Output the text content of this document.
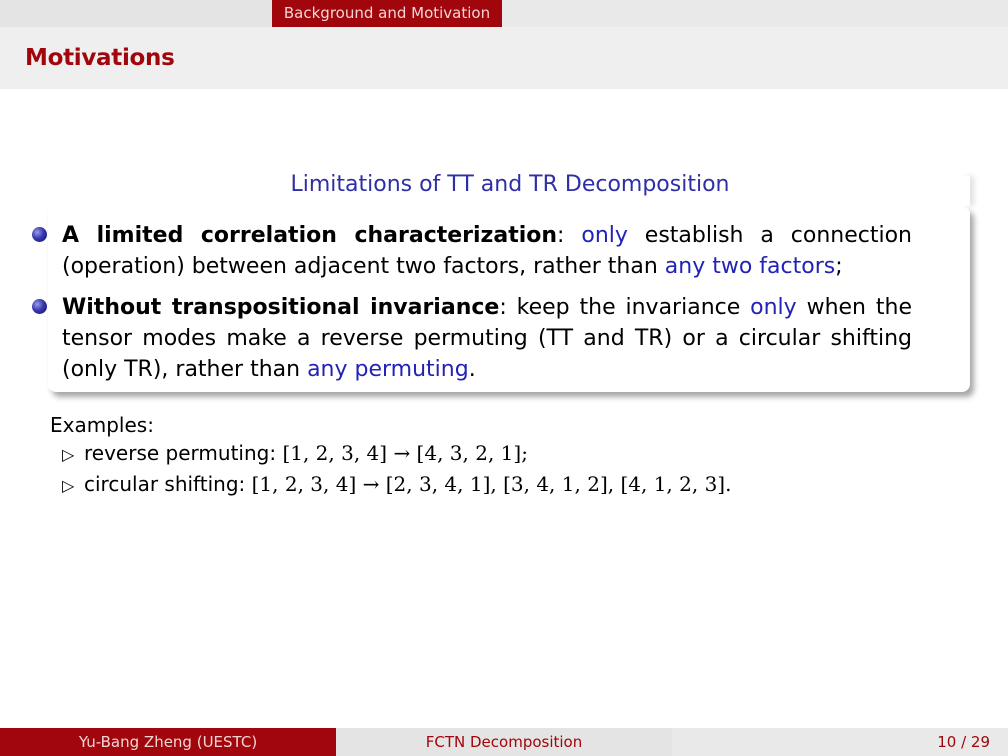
Background and Motivation
Motivations
Limitations of TT and TR Decomposition
A limited correlation characterization: only establish a connection (operation) between adjacent two factors, rather than any two factors;
Without transpositional invariance: keep the invariance only when the tensor modes make a reverse permuting (TT and TR) or a circular shifting (only TR), rather than any permuting.
Examples:
▷ reverse permuting: [1, 2, 3, 4] → [4, 3, 2, 1];
▷ circular shifting: [1, 2, 3, 4] → [2, 3, 4, 1], [3, 4, 1, 2], [4, 1, 2, 3].
Yu-Bang Zheng (UESTC)	FCTN Decomposition	10 / 29
